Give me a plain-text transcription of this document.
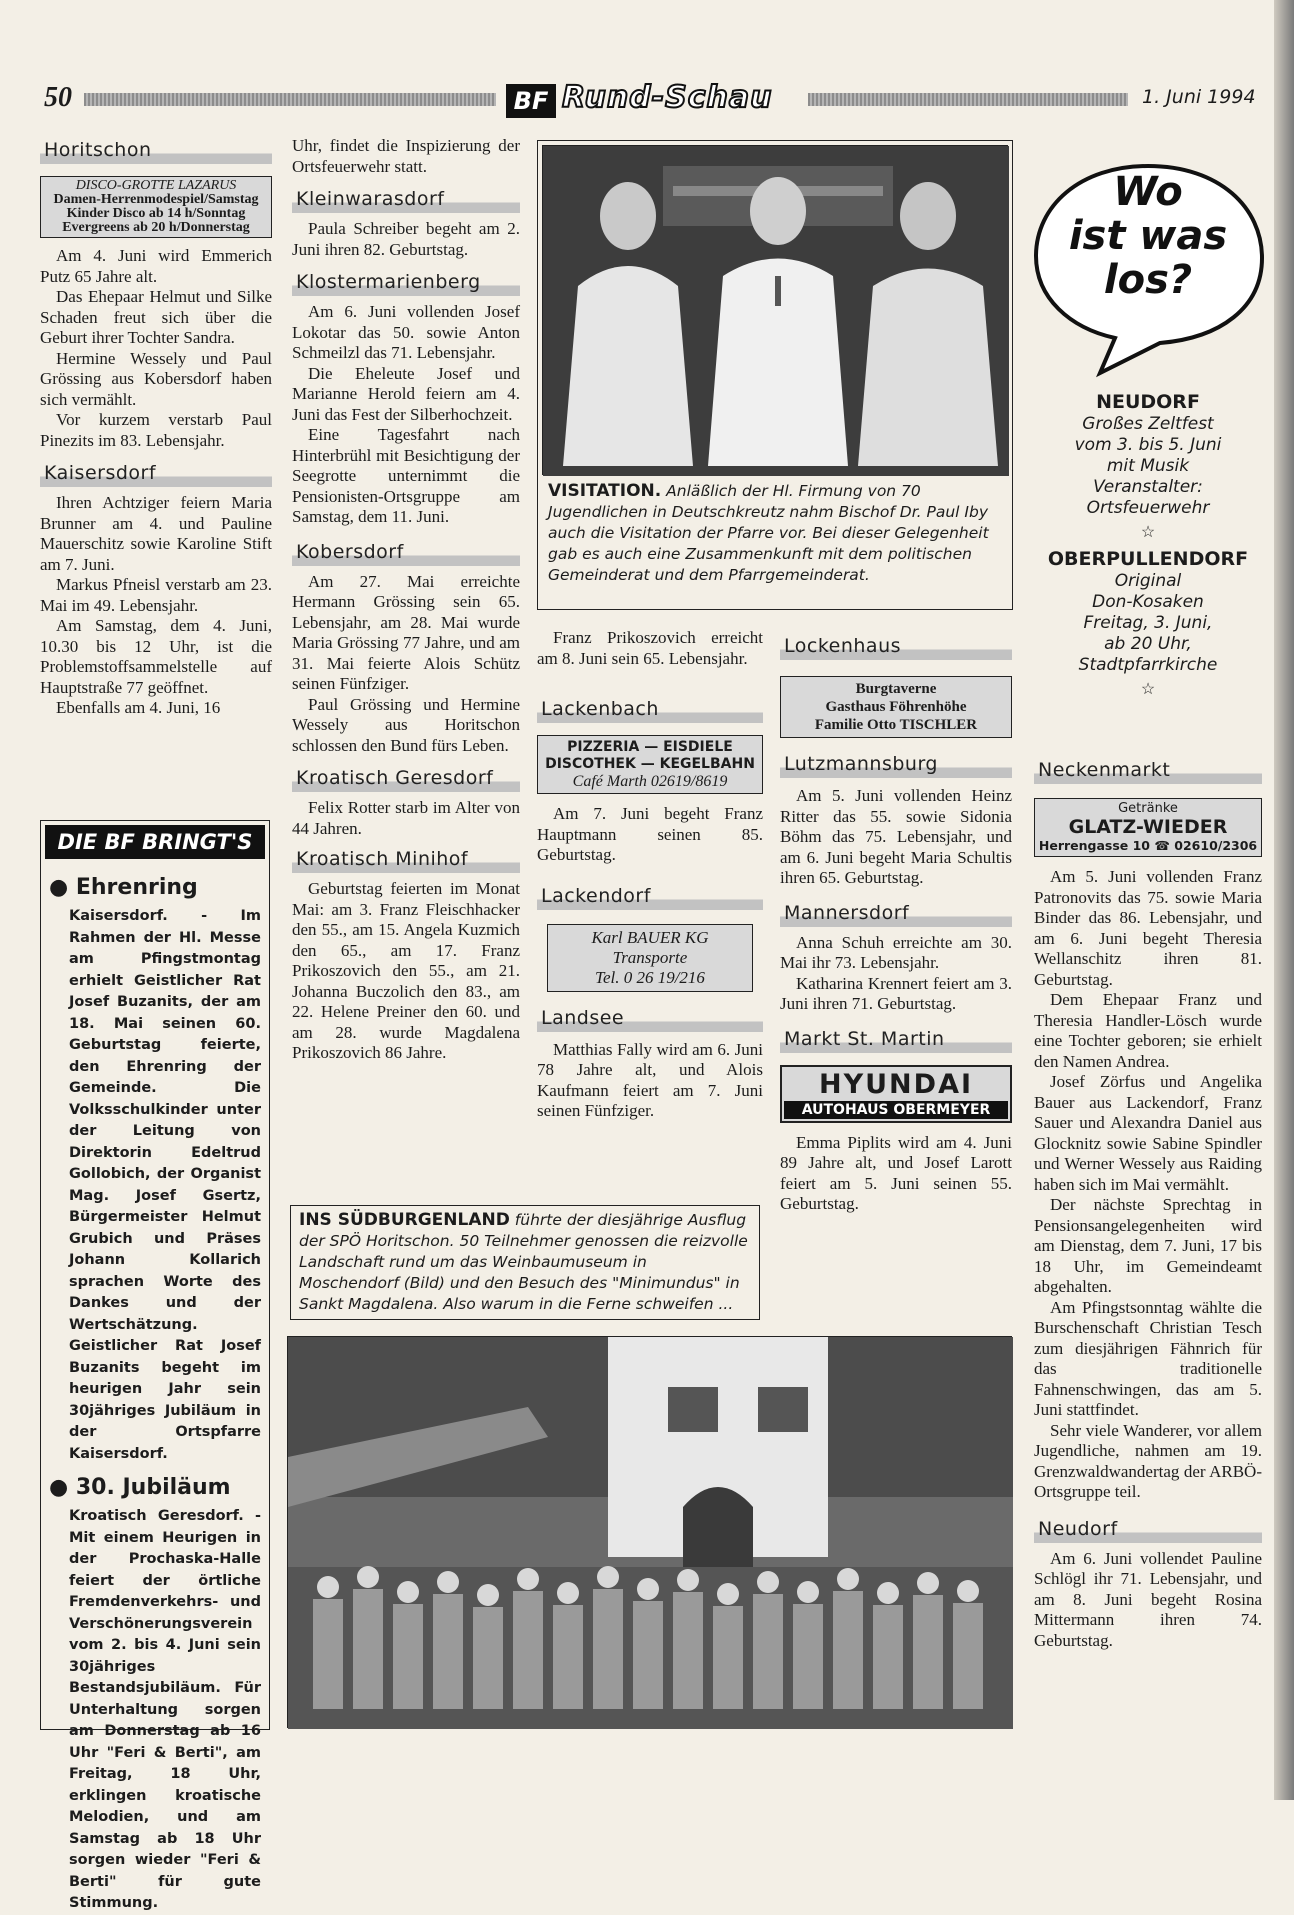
50	BF Rund-Schau	1. Juni 1994
Horitschon
DISCO-GROTTE LAZARUS
Damen-Herrenmodespiel/Samstag
Kinder Disco ab 14 h/Sonntag
Evergreens ab 20 h/Donnerstag

Am 4. Juni wird Emmerich Putz 65 Jahre alt.

Das Ehepaar Helmut und Silke Schaden freut sich über die Geburt ihrer Tochter Sandra.

Hermine Wessely und Paul Grössing aus Kobersdorf haben sich vermählt.

Vor kurzem verstarb Paul Pinezits im 83. Lebensjahr.

Kaisersdorf

Ihren Achtziger feiern Maria Brunner am 4. und Pauline Mauerschitz sowie Karoline Stift am 7. Juni.

Markus Pfneisl verstarb am 23. Mai im 49. Lebensjahr.

Am Samstag, dem 4. Juni, 10.30 bis 12 Uhr, ist die Problemstoffsammelstelle auf Hauptstraße 77 geöffnet.

Ebenfalls am 4. Juni, 16

DIE BF BRINGT'S
● Ehrenring
Kaisersdorf. - Im Rahmen der Hl. Messe am Pfingstmontag erhielt Geistlicher Rat Josef Buzanits, der am 18. Mai seinen 60. Geburtstag feierte, den Ehrenring der Gemeinde. Die Volksschulkinder unter der Leitung von Direktorin Edeltrud Gollobich, der Organist Mag. Josef Gsertz, Bürgermeister Helmut Grubich und Präses Johann Kollarich sprachen Worte des Dankes und der Wertschätzung. Geistlicher Rat Josef Buzanits begeht im heurigen Jahr sein 30jähriges Jubiläum in der Ortspfarre Kaisersdorf.
● 30. Jubiläum
Kroatisch Geresdorf. - Mit einem Heurigen in der Prochaska-Halle feiert der örtliche Fremdenverkehrs- und Verschönerungsverein vom 2. bis 4. Juni sein 30jähriges Bestandsjubiläum. Für Unterhaltung sorgen am Donnerstag ab 16 Uhr "Feri & Berti", am Freitag, 18 Uhr, erklingen kroatische Melodien, und am Samstag ab 18 Uhr sorgen wieder "Feri & Berti" für gute Stimmung.
Uhr, findet die Inspizierung der Ortsfeuerwehr statt.
Kleinwarasdorf

Paula Schreiber begeht am 2. Juni ihren 82. Geburtstag.

Klostermarienberg

Am 6. Juni vollenden Josef Lokotar das 50. sowie Anton Schmeilzl das 71. Lebensjahr.

Die Eheleute Josef und Marianne Herold feiern am 4. Juni das Fest der Silberhochzeit.

Eine Tagesfahrt nach Hinterbrühl mit Besichtigung der Seegrotte unternimmt die Pensionisten-Ortsgruppe am Samstag, dem 11. Juni.

Kobersdorf

Am 27. Mai erreichte Hermann Grössing sein 65. Lebensjahr, am 28. Mai wurde Maria Grössing 77 Jahre, und am 31. Mai feierte Alois Schütz seinen Fünfziger.

Paul Grössing und Hermine Wessely aus Horitschon schlossen den Bund fürs Leben.

Kroatisch Geresdorf

Felix Rotter starb im Alter von 44 Jahren.

Kroatisch Minihof

Geburtstag feierten im Monat Mai: am 3. Franz Fleischhacker den 55., am 15. Angela Kuzmich den 65., am 17. Franz Prikoszovich den 55., am 21. Johanna Buczolich den 83., am 22. Helene Preiner den 60. und am 28. wurde Magdalena Prikoszovich 86 Jahre.

VISITATION. Anläßlich der Hl. Firmung von 70 Jugendlichen in Deutschkreutz nahm Bischof Dr. Paul Iby auch die Visitation der Pfarre vor. Bei dieser Gelegenheit gab es auch eine Zusammenkunft mit dem politischen Gemeinderat und dem Pfarrgemeinderat.

Franz Prikoszovich erreicht am 8. Juni sein 65. Lebensjahr.

Lackenbach
PIZZERIA — EISDIELE
DISCOTHEK — KEGELBAHN
Café Marth 02619/8619

Am 7. Juni begeht Franz Hauptmann seinen 85. Geburtstag.

Lackendorf
Karl BAUER KG
Transporte
Tel. 0 26 19/216
Landsee

Matthias Fally wird am 6. Juni 78 Jahre alt, und Alois Kaufmann feiert am 7. Juni seinen Fünfziger.

Lockenhaus
Burgtaverne
Gasthaus Föhrenhöhe
Familie Otto TISCHLER
Lutzmannsburg

Am 5. Juni vollenden Heinz Ritter das 55. sowie Sidonia Böhm das 75. Lebensjahr, und am 6. Juni begeht Maria Schultis ihren 65. Geburtstag.

Mannersdorf

Anna Schuh erreichte am 30. Mai ihr 73. Lebensjahr.

Katharina Krennert feiert am 3. Juni ihren 71. Geburtstag.

Markt St. Martin
HYUNDAI
AUTOHAUS OBERMEYER

Emma Piplits wird am 4. Juni 89 Jahre alt, und Josef Larott feiert am 5. Juni seinen 55. Geburtstag.

INS SÜDBURGENLAND führte der diesjährige Ausflug der SPÖ Horitschon. 50 Teilnehmer genossen die reizvolle Landschaft rund um das Weinbaumuseum in Moschendorf (Bild) und den Besuch des "Minimundus" in Sankt Magdalena. Also warum in die Ferne schweifen ...
Wo
ist was
los?
NEUDORF
Großes Zeltfest
vom 3. bis 5. Juni
mit Musik
Veranstalter:
Ortsfeuerwehr
☆
OBERPULLENDORF
Original
Don-Kosaken
Freitag, 3. Juni,
ab 20 Uhr,
Stadtpfarrkirche
☆
Neckenmarkt
Getränke
GLATZ-WIEDER
Herrengasse 10 ☎ 02610/2306

Am 5. Juni vollenden Franz Patronovits das 75. sowie Maria Binder das 86. Lebensjahr, und am 6. Juni begeht Theresia Wellanschitz ihren 81. Geburtstag.

Dem Ehepaar Franz und Theresia Handler-Lösch wurde eine Tochter geboren; sie erhielt den Namen Andrea.

Josef Zörfus und Angelika Bauer aus Lackendorf, Franz Sauer und Alexandra Daniel aus Glocknitz sowie Sabine Spindler und Werner Wessely aus Raiding haben sich im Mai vermählt.

Der nächste Sprechtag in Pensionsangelegenheiten wird am Dienstag, dem 7. Juni, 17 bis 18 Uhr, im Gemeindeamt abgehalten.

Am Pfingstsonntag wählte die Burschenschaft Christian Tesch zum diesjährigen Fähnrich für das traditionelle Fahnenschwingen, das am 5. Juni stattfindet.

Sehr viele Wanderer, vor allem Jugendliche, nahmen am 19. Grenzwaldwandertag der ARBÖ-Ortsgruppe teil.

Neudorf

Am 6. Juni vollendet Pauline Schlögl ihr 71. Lebensjahr, und am 8. Juni begeht Rosina Mittermann ihren 74. Geburtstag.
